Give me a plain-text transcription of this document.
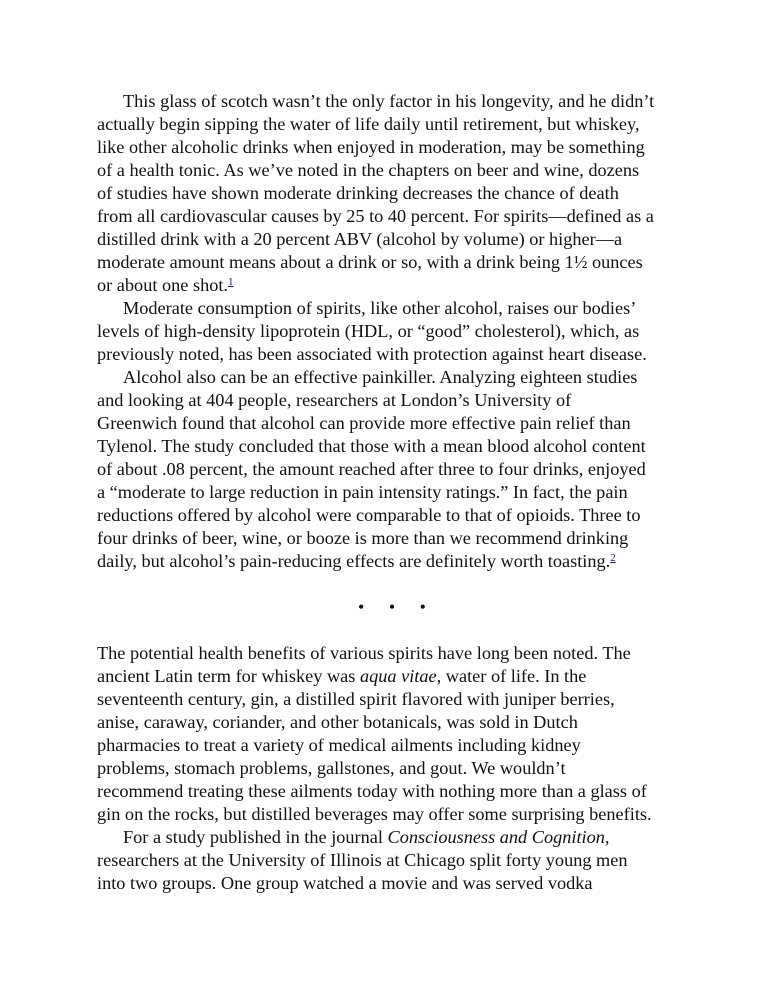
This glass of scotch wasn’t the only factor in his longevity, and he didn’t
actually begin sipping the water of life daily until retirement, but whiskey,
like other alcoholic drinks when enjoyed in moderation, may be something
of a health tonic. As we’ve noted in the chapters on beer and wine, dozens
of studies have shown moderate drinking decreases the chance of death
from all cardiovascular causes by 25 to 40 percent. For spirits—defined as a
distilled drink with a 20 percent ABV (alcohol by volume) or higher—a
moderate amount means about a drink or so, with a drink being 1½ ounces
or about one shot.$^1$

Moderate consumption of spirits, like other alcohol, raises our bodies’
levels of high-density lipoprotein (HDL, or “good” cholesterol), which, as
previously noted, has been associated with protection against heart disease.

Alcohol also can be an effective painkiller. Analyzing eighteen studies
and looking at 404 people, researchers at London’s University of
Greenwich found that alcohol can provide more effective pain relief than
Tylenol. The study concluded that those with a mean blood alcohol content
of about .08 percent, the amount reached after three to four drinks, enjoyed
a “moderate to large reduction in pain intensity ratings.” In fact, the pain
reductions offered by alcohol were comparable to that of opioids. Three to
four drinks of beer, wine, or booze is more than we recommend drinking
daily, but alcohol’s pain-reducing effects are definitely worth toasting.$^2$

• • •

The potential health benefits of various spirits have long been noted. The
ancient Latin term for whiskey was aqua vitae, water of life. In the
seventeenth century, gin, a distilled spirit flavored with juniper berries,
anise, caraway, coriander, and other botanicals, was sold in Dutch
pharmacies to treat a variety of medical ailments including kidney
problems, stomach problems, gallstones, and gout. We wouldn’t
recommend treating these ailments today with nothing more than a glass of
gin on the rocks, but distilled beverages may offer some surprising benefits.

For a study published in the journal Consciousness and Cognition,
researchers at the University of Illinois at Chicago split forty young men
into two groups. One group watched a movie and was served vodka
